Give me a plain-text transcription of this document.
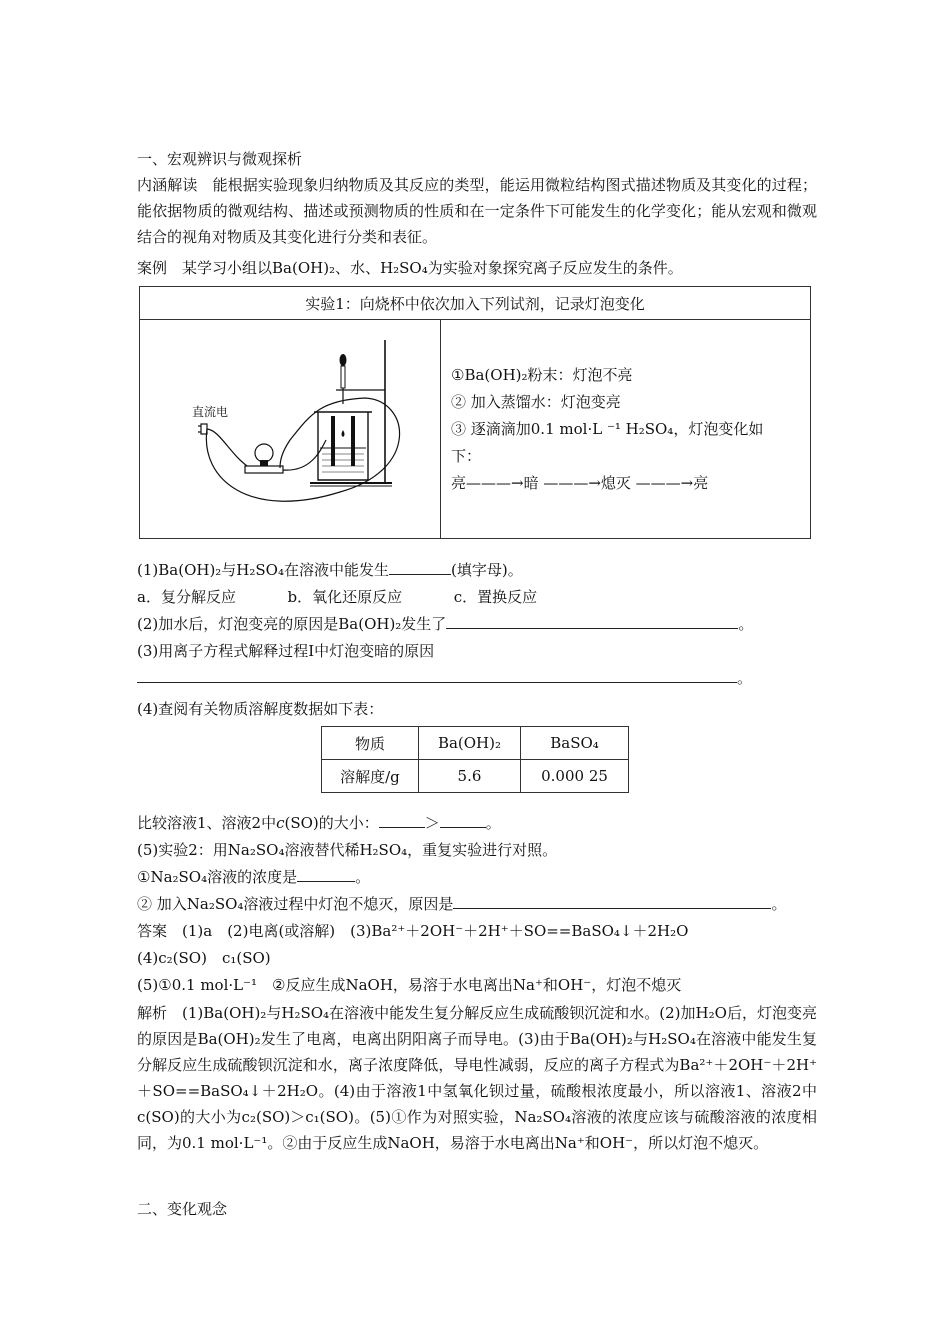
一、宏观辨识与微观探析
内涵解读　能根据实验现象归纳物质及其反应的类型，能运用微粒结构图式描述物质及其变化的过程；能依据物质的微观结构、描述或预测物质的性质和在一定条件下可能发生的化学变化；能从宏观和微观结合的视角对物质及其变化进行分类和表征。
案例　某学习小组以Ba(OH)₂、水、H₂SO₄为实验对象探究离子反应发生的条件。
实验1：向烧杯中依次加入下列试剂，记录灯泡变化

直流电

①Ba(OH)₂粉末：灯泡不亮
② 加入蒸馏水：灯泡变亮
③ 逐滴滴加0.1 mol·L ⁻¹ H₂SO₄，灯泡变化如
下：
亮———→暗 ———→熄灭 ———→亮
(1)Ba(OH)₂与H₂SO₄在溶液中能发生	(填字母)。
a．复分解反应	b．氧化还原反应	c．置换反应
(2)加水后，灯泡变亮的原因是Ba(OH)₂发生了	。
(3)用离子方程式解释过程Ⅰ中灯泡变暗的原因
。
(4)查阅有关物质溶解度数据如下表：
物质	Ba(OH)₂	BaSO₄
溶解度/g	5.6	0.000 25
比较溶液1、溶液2中c(SO)的大小：	＞	。
(5)实验2：用Na₂SO₄溶液替代稀H₂SO₄，重复实验进行对照。
①Na₂SO₄溶液的浓度是	。
② 加入Na₂SO₄溶液过程中灯泡不熄灭，原因是	。
答案　(1)a　(2)电离(或溶解)　(3)Ba²⁺＋2OH⁻＋2H⁺＋SO==BaSO₄↓＋2H₂O
(4)c₂(SO)　c₁(SO)
(5)①0.1 mol·L⁻¹　②反应生成NaOH，易溶于水电离出Na⁺和OH⁻，灯泡不熄灭
解析　(1)Ba(OH)₂与H₂SO₄在溶液中能发生复分解反应生成硫酸钡沉淀和水。(2)加H₂O后，灯泡变亮的原因是Ba(OH)₂发生了电离，电离出阴阳离子而导电。(3)由于Ba(OH)₂与H₂SO₄在溶液中能发生复分解反应生成硫酸钡沉淀和水，离子浓度降低，导电性减弱，反应的离子方程式为Ba²⁺＋2OH⁻＋2H⁺＋SO==BaSO₄↓＋2H₂O。(4)由于溶液1中氢氧化钡过量，硫酸根浓度最小，所以溶液1、溶液2中c(SO)的大小为c₂(SO)＞c₁(SO)。(5)①作为对照实验，Na₂SO₄溶液的浓度应该与硫酸溶液的浓度相同，为0.1 mol·L⁻¹。②由于反应生成NaOH，易溶于水电离出Na⁺和OH⁻，所以灯泡不熄灭。
二、变化观念
